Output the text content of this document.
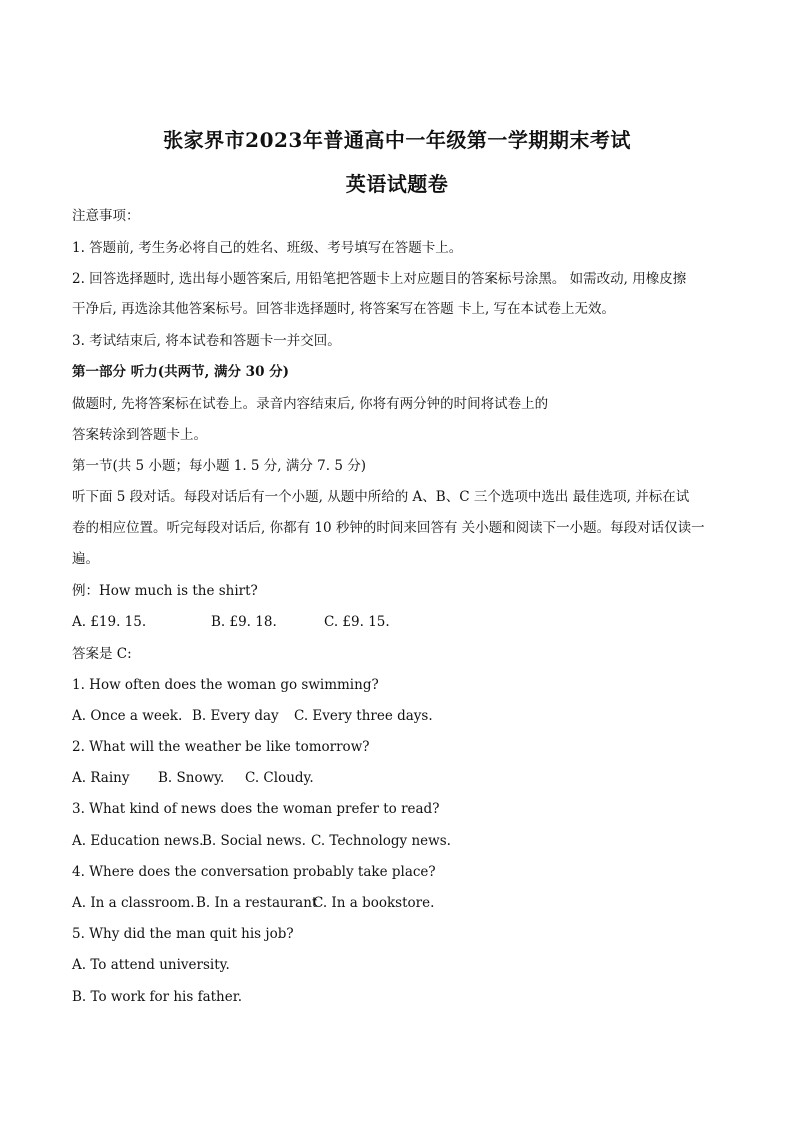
张家界市2023年普通高中一年级第一学期期末考试
英语试题卷
注意事项：
1. 答题前, 考生务必将自己的姓名、班级、考号填写在答题卡上。
2. 回答选择题时, 选出每小题答案后, 用铅笔把答题卡上对应题目的答案标号涂黑。 如需改动, 用橡皮擦
干净后, 再选涂其他答案标号。回答非选择题时, 将答案写在答题 卡上, 写在本试卷上无效。
3. 考试结束后, 将本试卷和答题卡一并交回。
第一部分 听力(共两节, 满分 30 分)
做题时, 先将答案标在试卷上。录音内容结束后, 你将有两分钟的时间将试卷上的
答案转涂到答题卡上。
第一节(共 5 小题；每小题 1. 5 分, 满分 7. 5 分)
听下面 5 段对话。每段对话后有一个小题, 从题中所给的 A、B、C 三个选项中选出 最佳选项, 并标在试
卷的相应位置。听完每段对话后, 你都有 10 秒钟的时间来回答有 关小题和阅读下一小题。每段对话仅读一
遍。
例：How much is the shirt?
A. £19. 15.	B. £9. 18.	C. £9. 15.
答案是 C:
1. How often does the woman go swimming?
A. Once a week. B. Every day C. Every three days.
2. What will the weather be like tomorrow?
A. Rainy B. Snowy. C. Cloudy.
3. What kind of news does the woman prefer to read?
A. Education news.B. Social news. C. Technology news.
4. Where does the conversation probably take place?
A. In a classroom.B. In a restaurantC. In a bookstore.
5. Why did the man quit his job?
A. To attend university.
B. To work for his father.
